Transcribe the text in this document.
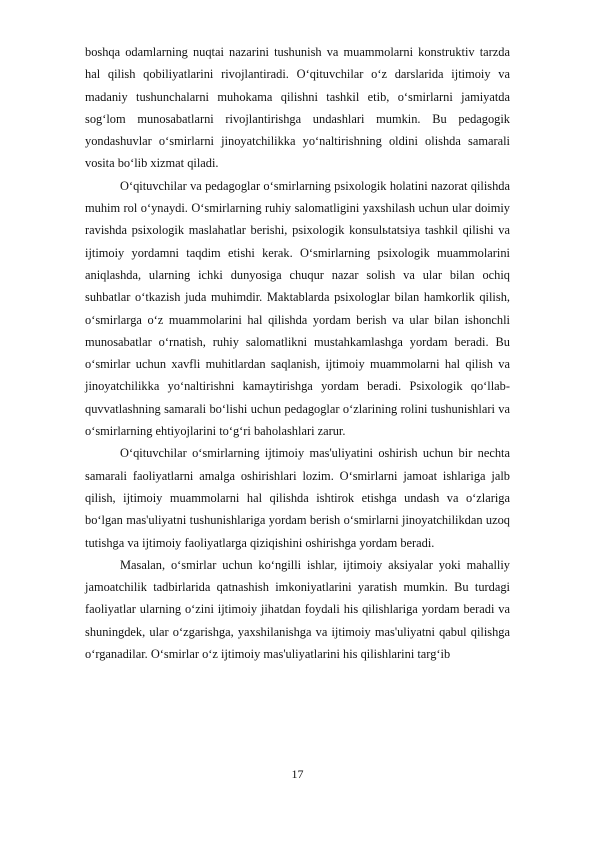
boshqa odamlarning nuqtai nazarini tushunish va muammolarni konstruktiv tarzda hal qilish qobiliyatlarini rivojlantiradi. O‘qituvchilar o‘z darslarida ijtimoiy va madaniy tushunchalarni muhokama qilishni tashkil etib, o‘smirlarni jamiyatda sog‘lom munosabatlarni rivojlantirishga undashlari mumkin. Bu pedagogik yondashuvlar o‘smirlarni jinoyatchilikka yo‘naltirishning oldini olishda samarali vosita bo‘lib xizmat qiladi.

O‘qituvchilar va pedagoglar o‘smirlarning psixologik holatini nazorat qilishda muhim rol o‘ynaydi. O‘smirlarning ruhiy salomatligini yaxshilash uchun ular doimiy ravishda psixologik maslahatlar berishi, psixologik konsulьtatsiya tashkil qilishi va ijtimoiy yordamni taqdim etishi kerak. O‘smirlarning psixologik muammolarini aniqlashda, ularning ichki dunyosiga chuqur nazar solish va ular bilan ochiq suhbatlar o‘tkazish juda muhimdir. Maktablarda psixologlar bilan hamkorlik qilish, o‘smirlarga o‘z muammolarini hal qilishda yordam berish va ular bilan ishonchli munosabatlar o‘rnatish, ruhiy salomatlikni mustahkamlashga yordam beradi. Bu o‘smirlar uchun xavfli muhitlardan saqlanish, ijtimoiy muammolarni hal qilish va jinoyatchilikka yo‘naltirishni kamaytirishga yordam beradi. Psixologik qo‘llab-quvvatlashning samarali bo‘lishi uchun pedagoglar o‘zlarining rolini tushunishlari va o‘smirlarning ehtiyojlarini to‘g‘ri baholashlari zarur.

O‘qituvchilar o‘smirlarning ijtimoiy mas'uliyatini oshirish uchun bir nechta samarali faoliyatlarni amalga oshirishlari lozim. O‘smirlarni jamoat ishlariga jalb qilish, ijtimoiy muammolarni hal qilishda ishtirok etishga undash va o‘zlariga bo‘lgan mas'uliyatni tushunishlariga yordam berish o‘smirlarni jinoyatchilikdan uzoq tutishga va ijtimoiy faoliyatlarga qiziqishini oshirishga yordam beradi.

Masalan, o‘smirlar uchun ko‘ngilli ishlar, ijtimoiy aksiyalar yoki mahalliy jamoatchilik tadbirlarida qatnashish imkoniyatlarini yaratish mumkin. Bu turdagi faoliyatlar ularning o‘zini ijtimoiy jihatdan foydali his qilishlariga yordam beradi va shuningdek, ular o‘zgarishga, yaxshilanishga va ijtimoiy mas'uliyatni qabul qilishga o‘rganadilar. O‘smirlar o‘z ijtimoiy mas'uliyatlarini his qilishlarini targ‘ib

17
